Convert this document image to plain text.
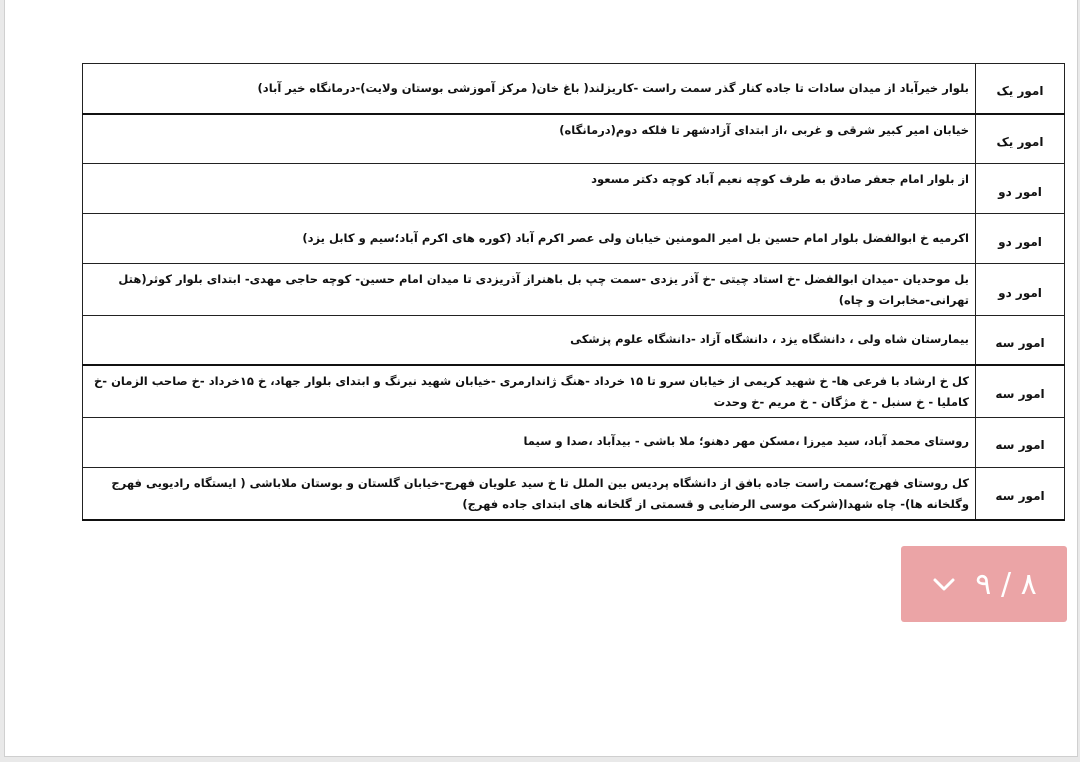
امور یک	بلوار خیرآباد از میدان سادات تا جاده کنار گذر سمت راست -کاریزلند( باغ خان( مرکز آموزشی بوستان ولایت)-درمانگاه خیر آباد)
امور یک	خیابان امیر کبیر شرقی و غربی ،از ابتدای آزادشهر تا فلکه دوم(درمانگاه)
امور دو	از بلوار امام جعفر صادق به طرف کوچه نعیم آباد کوچه دکتر مسعود
امور دو	اکرمیه خ ابوالفضل بلوار امام حسین بل امیر المومنین خیابان ولی عصر اکرم آباد (کوره های اکرم آباد؛سیم و کابل یزد)
امور دو	بل موحدیان -میدان ابوالفضل -خ استاد چیتی -خ آذر یزدی -سمت چپ بل باهنراز آذریزدی تا میدان امام حسین- کوچه حاجی مهدی- ابتدای بلوار کوثر(هتل تهرانی-مخابرات و چاه)
امور سه	بیمارستان شاه ولی ، دانشگاه یزد ، دانشگاه آزاد -دانشگاه علوم پزشکی
امور سه	کل خ ارشاد با فرعی ها- خ شهید کریمی از خیابان سرو تا ۱۵ خرداد -هنگ ژاندارمری -خیابان شهید نیرنگ و ابتدای بلوار جهاد، خ ۱۵خرداد -خ صاحب الزمان -خ کاملیا - خ سنبل - خ مژگان - خ مریم -خ وحدت
امور سه	روستای محمد آباد، سید میرزا ،مسکن مهر دهنو؛ ملا باشی - بیدآباد ،صدا و سیما
امور سه	کل روستای فهرج؛سمت راست جاده بافق از دانشگاه پردیس بین الملل تا خ سید علویان فهرج-خیابان گلستان و بوستان ملاباشی ( ایستگاه رادیویی فهرج وگلخانه ها)- چاه شهدا(شرکت موسی الرضایی و قسمتی از گلخانه های ابتدای جاده فهرج)
۹ / ۸
